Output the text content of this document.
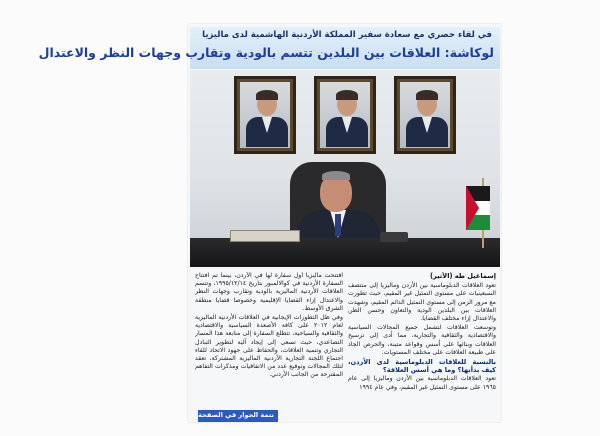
في لقاء حصري مع سعادة سفير المملكة الأردنية الهاشمية لدى ماليزيا
لوكاشة: العلاقات بين البلدين تتسم بالودية وتقارب وجهات النظر والاعتدال

إسماعيل طه (الأثير)

تعود العلاقات الدبلوماسية بين الأردن وماليزيا إلى منتصف السبعينيات على مستوى التمثيل غير المقيم، حيث تطورت مع مرور الزمن إلى مستوى التمثيل الدائم المقيم، وشهدت العلاقات بين البلدين الودية والتعاون وحسن الظن والاعتدال إزاء مختلف القضايا.

وتوسعت العلاقات لتشمل جميع المجالات السياسية والاقتصادية والثقافية والتجارية، مما أدى إلى ترسيخ العلاقات وبنائها على أسس وقواعد متينة، والحرص الجاد على طبيعة العلاقات على مختلف المستويات.

بالنسبة للعلاقات الدبلوماسية لدى الأردن، كيف بدأتها؟ وما هي أسس العلاقة؟

تعود العلاقات الدبلوماسية بين الأردن وماليزيا إلى عام ١٩٦٥ على مستوى التمثيل غير المقيم، وفي عام ١٩٩٤

افتتحت ماليزيا أول سفارة لها في الأردن، بينما تم افتتاح السفارة الأردنية في كوالالمبور بتاريخ ١٩٩٥/١٢/١٤، وتتسم العلاقات الأردنية الماليزية بالودية وتقارب وجهات النظر والاعتدال إزاء القضايا الإقليمية وخصوصا قضايا منطقة الشرق الأوسط.

وفي ظل التطورات الإيجابية في العلاقات الأردنية الماليزية لعام ٢٠١٢ على كافة الأصعدة السياسية والاقتصادية والثقافية والسياحية، تتطلع السفارة إلى متابعة هذا المسار التصاعدي، حيث تسعى إلى إيجاد آلية لتطوير التبادل التجاري وتنمية العلاقات، والحفاظ على جهود الاتحاد للقاء اجتماع اللجنة التجارية الأردنية الماليزية المشتركة، تعقد لتلك المجالات وتوقيع عدد من الاتفاقيات ومذكرات التفاهم المقترحة من الجانب الأردني.

تتمة الحوار في الصفحة ٨
